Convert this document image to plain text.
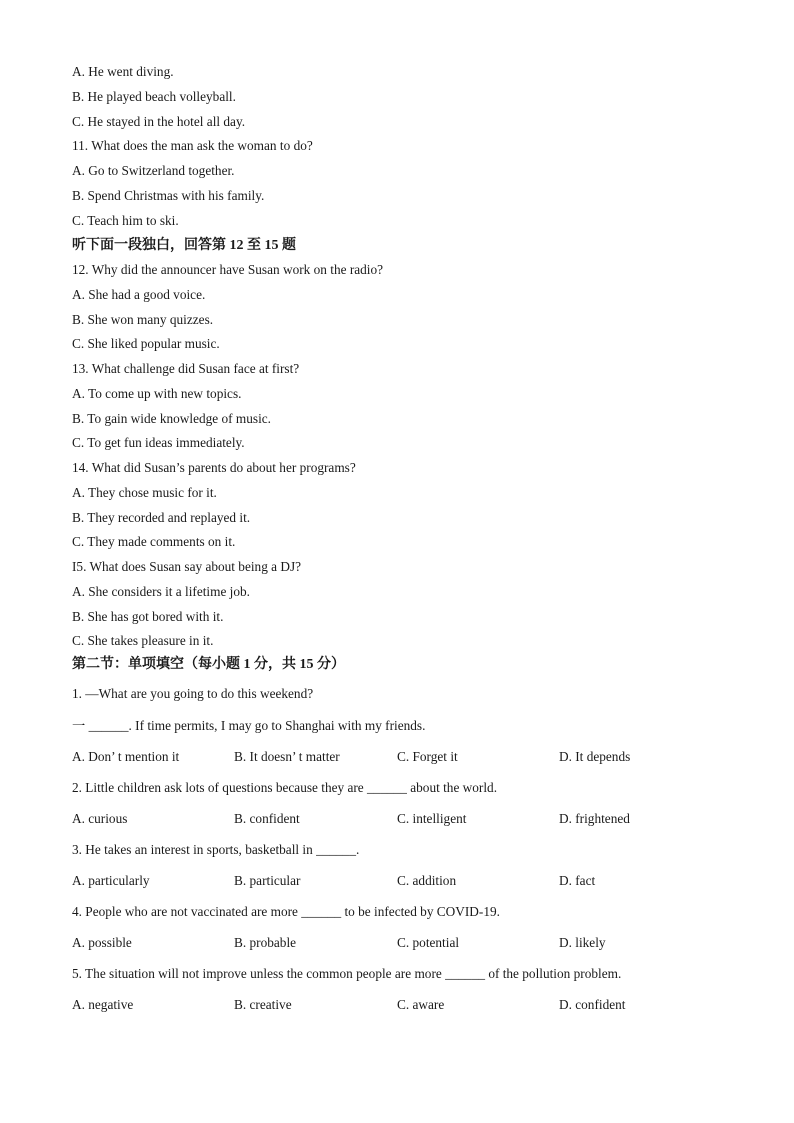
A. He went diving.
B. He played beach volleyball.
C. He stayed in the hotel all day.
11. What does the man ask the woman to do?
A. Go to Switzerland together.
B. Spend Christmas with his family.
C. Teach him to ski.
听下面一段独白，回答第 12 至 15 题
12. Why did the announcer have Susan work on the radio?
A. She had a good voice.
B. She won many quizzes.
C. She liked popular music.
13. What challenge did Susan face at first?
A. To come up with new topics.
B. To gain wide knowledge of music.
C. To get fun ideas immediately.
14. What did Susan’s parents do about her programs?
A. They chose music for it.
B. They recorded and replayed it.
C. They made comments on it.
I5. What does Susan say about being a DJ?
A. She considers it a lifetime job.
B. She has got bored with it.
C. She takes pleasure in it.
第二节：单项填空（每小题 1 分，共 15 分）
1. —What are you going to do this weekend?
一 ______. If time permits, I may go to Shanghai with my friends.
A. Don’ t mention it	B. It doesn’ t matter	C. Forget it	D. It depends
2. Little children ask lots of questions because they are ______ about the world.
A. curious	B. confident	C. intelligent	D. frightened
3. He takes an interest in sports, basketball in ______.
A. particularly	B. particular	C. addition	D. fact
4. People who are not vaccinated are more ______ to be infected by COVID-19.
A. possible	B. probable	C. potential	D. likely
5. The situation will not improve unless the common people are more ______ of the pollution problem.
A. negative	B. creative	C. aware	D. confident
